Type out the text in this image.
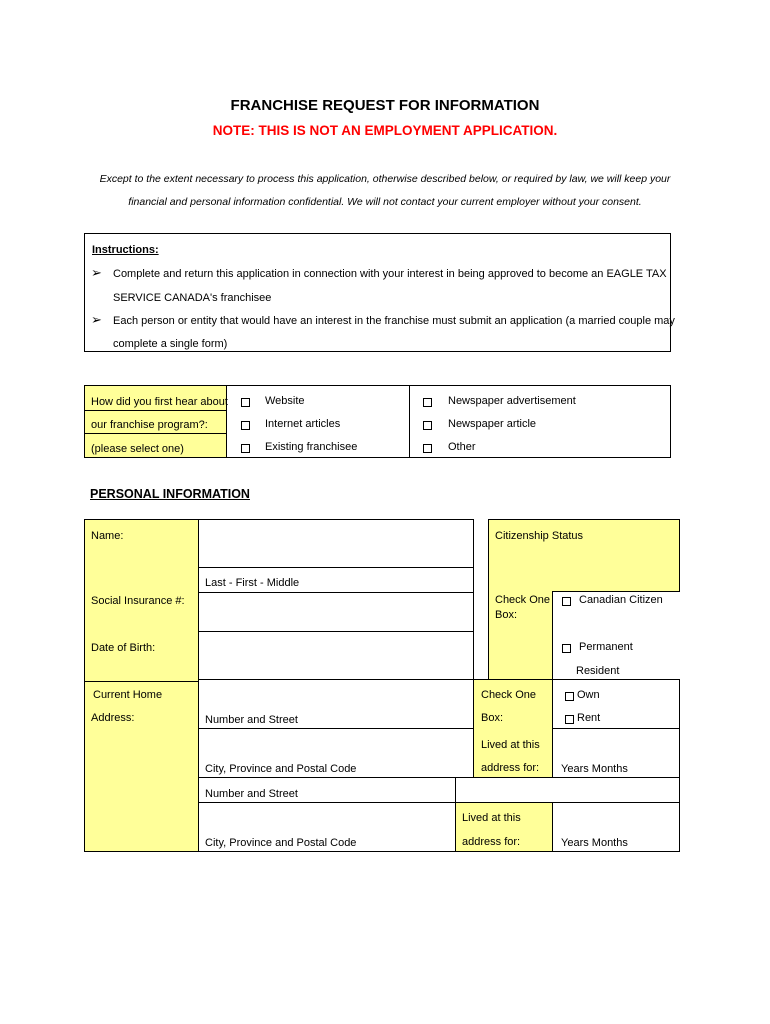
FRANCHISE REQUEST FOR INFORMATION
NOTE: THIS IS NOT AN EMPLOYMENT APPLICATION.
Except to the extent necessary to process this application, otherwise described below, or required by law, we will keep your
financial and personal information confidential. We will not contact your current employer without your consent.
Instructions:
➢ Complete and return this application in connection with your interest in being approved to become an EAGLE TAX
SERVICE CANADA's franchisee
➢ Each person or entity that would have an interest in the franchise must submit an application (a married couple may
complete a single form)
How did you first hear about
our franchise program?:
(please select one)
Website
Internet articles
Existing franchisee
Newspaper advertisement
Newspaper article
Other
PERSONAL INFORMATION
Name:
Social Insurance #:
Date of Birth:
Current Home
Address:
Last - First - Middle
Citizenship Status
Check One
Box:
Canadian Citizen
Permanent
Resident
Number and Street
City, Province and Postal Code
Check One
Box:
Lived at this
address for:
Own
Rent
Years Months
Number and Street
City, Province and Postal Code
Lived at this
address for:	Years Months
